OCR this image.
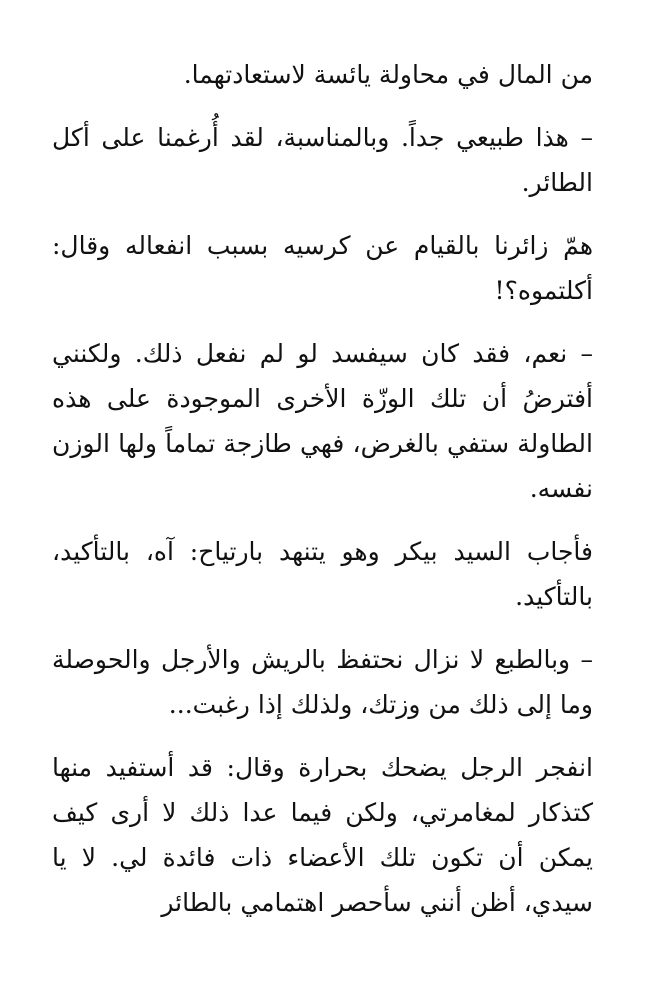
من المال في محاولة يائسة لاستعادتهما.

– هذا طبيعي جداً. وبالمناسبة، لقد أُرغمنا على أكل الطائر.

همّ زائرنا بالقيام عن كرسيه بسبب انفعاله وقال: أكلتموه؟!

– نعم، فقد كان سيفسد لو لم نفعل ذلك. ولكنني أفترضُ أن تلك الوزّة الأخرى الموجودة على هذه الطاولة ستفي بالغرض، فهي طازجة تماماً ولها الوزن نفسه.

فأجاب السيد بيكر وهو يتنهد بارتياح: آه، بالتأكيد، بالتأكيد.

– وبالطبع لا نزال نحتفظ بالريش والأرجل والحوصلة وما إلى ذلك من وزتك، ولذلك إذا رغبت...

انفجر الرجل يضحك بحرارة وقال: قد أستفيد منها كتذكار لمغامرتي، ولكن فيما عدا ذلك لا أرى كيف يمكن أن تكون تلك الأعضاء ذات فائدة لي. لا يا سيدي، أظن أنني سأحصر اهتمامي بالطائر
